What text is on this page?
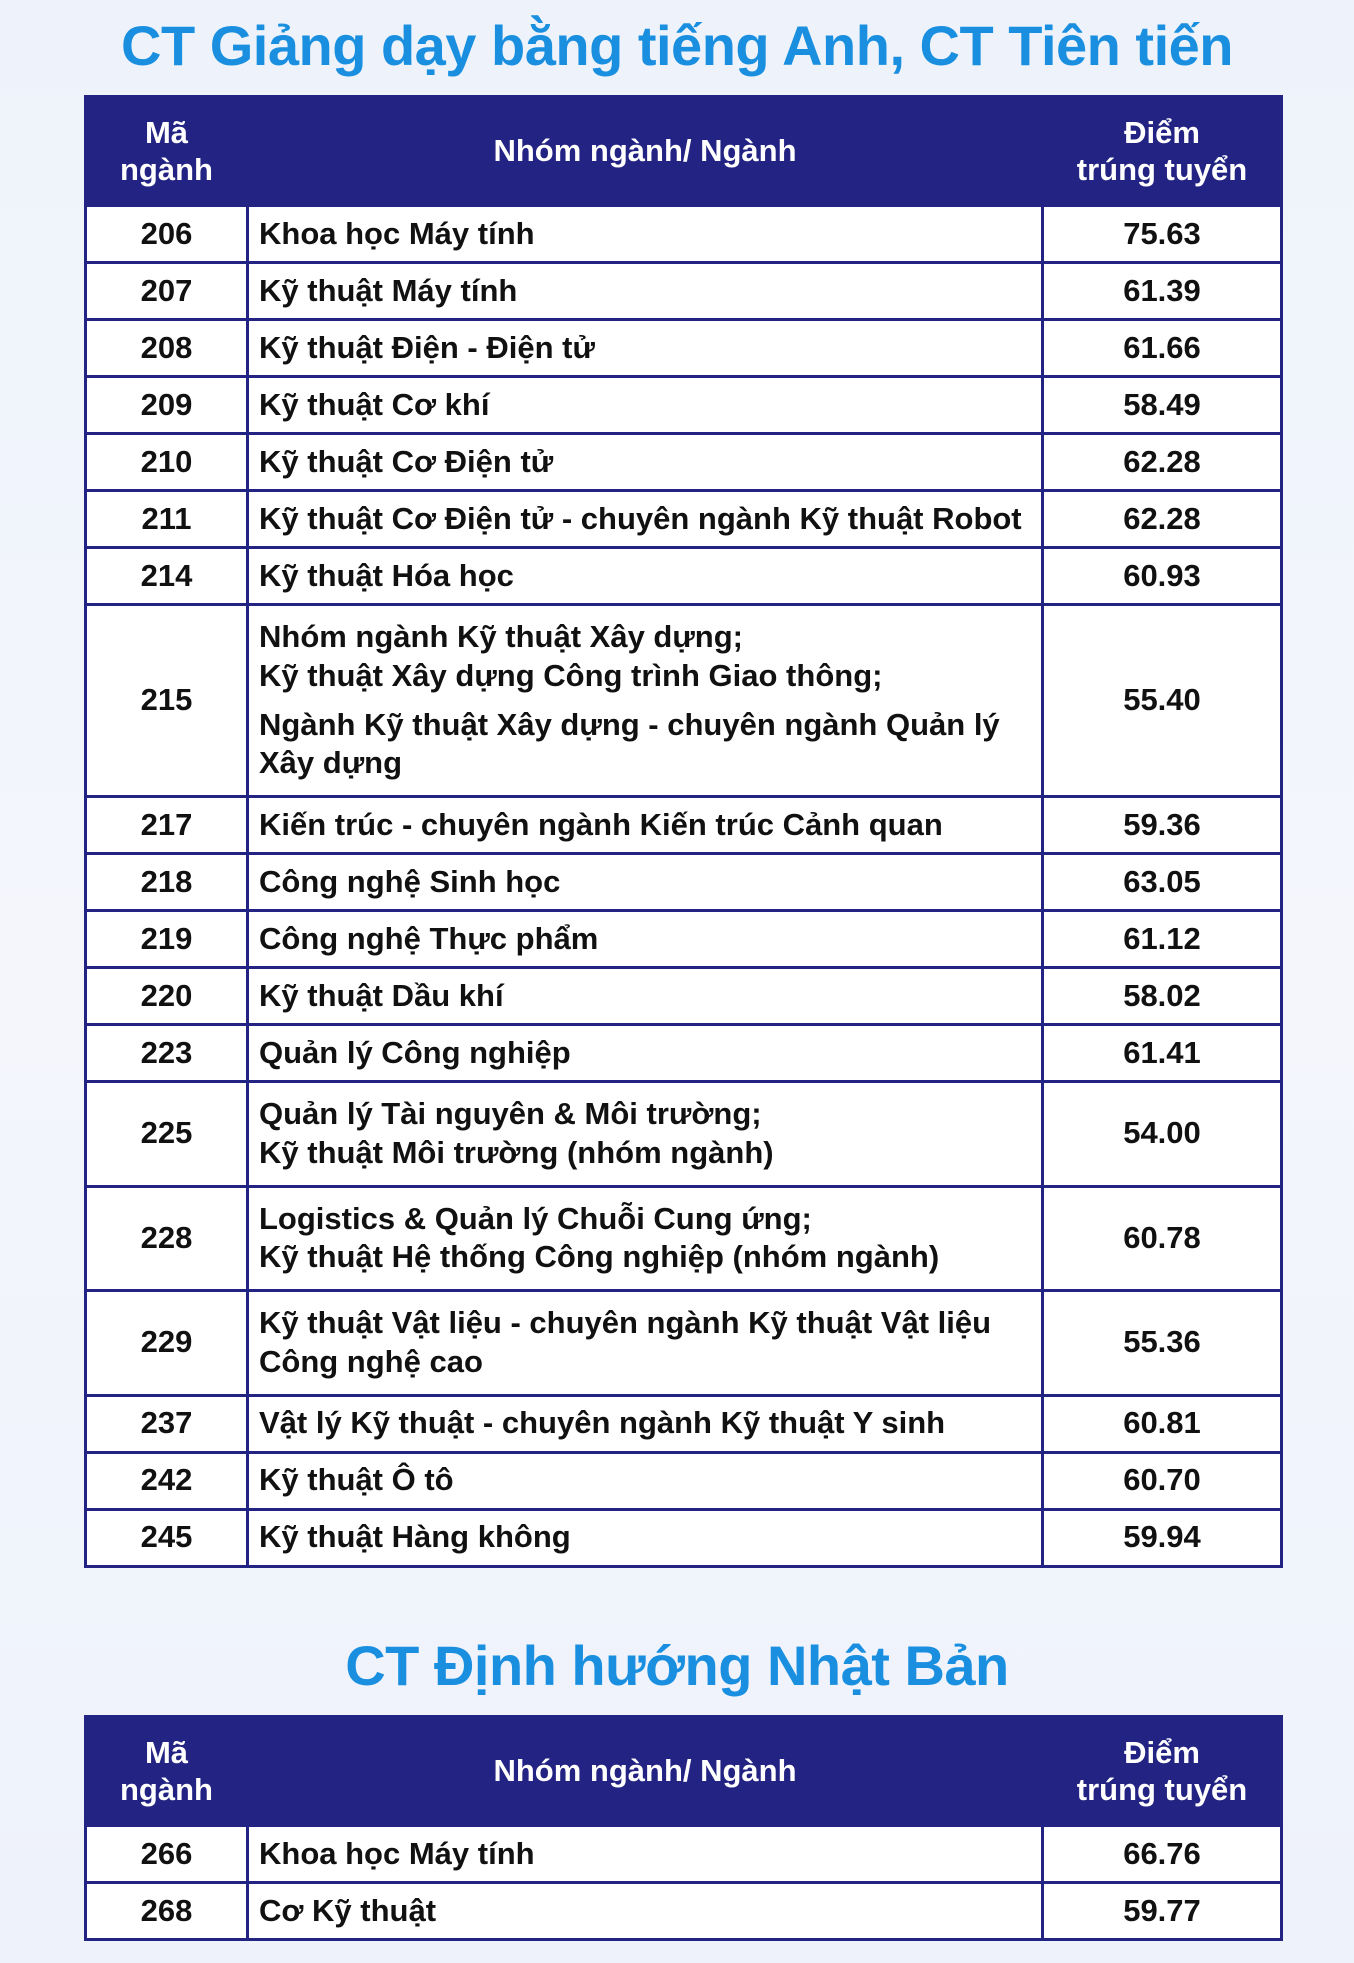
CT Giảng dạy bằng tiếng Anh, CT Tiên tiến
Mã
ngành	Nhóm ngành/ Ngành	Điểm
trúng tuyển

206	Khoa học Máy tính	75.63
207	Kỹ thuật Máy tính	61.39
208	Kỹ thuật Điện - Điện tử	61.66
209	Kỹ thuật Cơ khí	58.49
210	Kỹ thuật Cơ Điện tử	62.28
211	Kỹ thuật Cơ Điện tử - chuyên ngành Kỹ thuật Robot	62.28
214	Kỹ thuật Hóa học	60.93
215	Nhóm ngành Kỹ thuật Xây dựng;
Kỹ thuật Xây dựng Công trình Giao thông;
Ngành Kỹ thuật Xây dựng - chuyên ngành Quản lý
Xây dựng	55.40
217	Kiến trúc - chuyên ngành Kiến trúc Cảnh quan	59.36
218	Công nghệ Sinh học	63.05
219	Công nghệ Thực phẩm	61.12
220	Kỹ thuật Dầu khí	58.02
223	Quản lý Công nghiệp	61.41
225	Quản lý Tài nguyên & Môi trường;
Kỹ thuật Môi trường (nhóm ngành)	54.00
228	Logistics & Quản lý Chuỗi Cung ứng;
Kỹ thuật Hệ thống Công nghiệp (nhóm ngành)	60.78
229	Kỹ thuật Vật liệu - chuyên ngành Kỹ thuật Vật liệu
Công nghệ cao	55.36
237	Vật lý Kỹ thuật - chuyên ngành Kỹ thuật Y sinh	60.81
242	Kỹ thuật Ô tô	60.70
245	Kỹ thuật Hàng không	59.94
CT Định hướng Nhật Bản
Mã
ngành	Nhóm ngành/ Ngành	Điểm
trúng tuyển

266	Khoa học Máy tính	66.76
268	Cơ Kỹ thuật	59.77
